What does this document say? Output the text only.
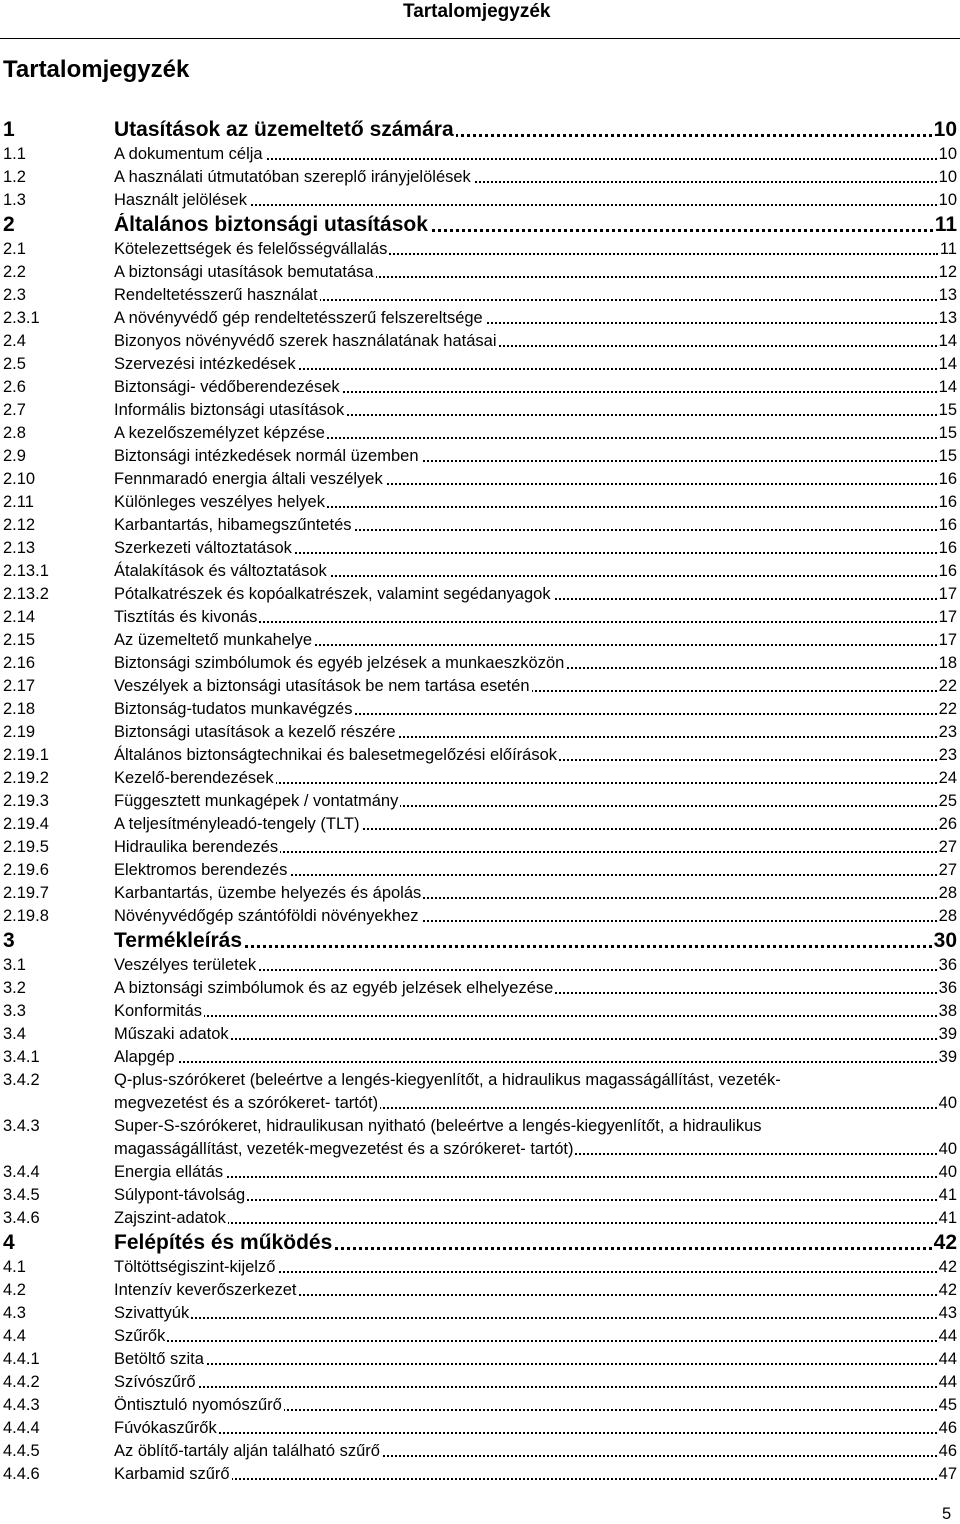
Tartalomjegyzék
Tartalomjegyzék
1	Utasítások az üzemeltető számára	10
1.1	A dokumentum célja	10
1.2	A használati útmutatóban szereplő irányjelölések	10
1.3	Használt jelölések	10
2	Általános biztonsági utasítások	11
2.1	Kötelezettségek és felelősségvállalás	11
2.2	A biztonsági utasítások bemutatása	12
2.3	Rendeltetésszerű használat	13
2.3.1	A növényvédő gép rendeltetésszerű felszereltsége	13
2.4	Bizonyos növényvédő szerek használatának hatásai	14
2.5	Szervezési intézkedések	14
2.6	Biztonsági- védőberendezések	14
2.7	Informális biztonsági utasítások	15
2.8	A kezelőszemélyzet képzése	15
2.9	Biztonsági intézkedések normál üzemben	15
2.10	Fennmaradó energia általi veszélyek	16
2.11	Különleges veszélyes helyek	16
2.12	Karbantartás, hibamegszűntetés	16
2.13	Szerkezeti változtatások	16
2.13.1	Átalakítások és változtatások	16
2.13.2	Pótalkatrészek és kopóalkatrészek, valamint segédanyagok	17
2.14	Tisztítás és kivonás	17
2.15	Az üzemeltető munkahelye	17
2.16	Biztonsági szimbólumok és egyéb jelzések a munkaeszközön	18
2.17	Veszélyek a biztonsági utasítások be nem tartása esetén	22
2.18	Biztonság-tudatos munkavégzés	22
2.19	Biztonsági utasítások a kezelő részére	23
2.19.1	Általános biztonságtechnikai és balesetmegelőzési előírások	23
2.19.2	Kezelő-berendezések	24
2.19.3	Függesztett munkagépek / vontatmány	25
2.19.4	A teljesítményleadó-tengely (TLT)	26
2.19.5	Hidraulika berendezés	27
2.19.6	Elektromos berendezés	27
2.19.7	Karbantartás, üzembe helyezés és ápolás	28
2.19.8	Növényvédőgép szántóföldi növényekhez	28
3	Termékleírás	30
3.1	Veszélyes területek	36
3.2	A biztonsági szimbólumok és az egyéb jelzések elhelyezése	36
3.3	Konformitás	38
3.4	Műszaki adatok	39
3.4.1	Alapgép	39
3.4.2	Q-plus-szórókeret (beleértve a lengés-kiegyenlítőt, a hidraulikus magasságállítást, vezeték-
megvezetést és a szórókeret- tartót)	40
3.4.3	Super-S-szórókeret, hidraulikusan nyitható (beleértve a lengés-kiegyenlítőt, a hidraulikus
magasságállítást, vezeték-megvezetést és a szórókeret- tartót)	40
3.4.4	Energia ellátás	40
3.4.5	Súlypont-távolság	41
3.4.6	Zajszint-adatok	41
4	Felépítés és működés	42
4.1	Töltöttségiszint-kijelző	42
4.2	Intenzív keverőszerkezet	42
4.3	Szivattyúk	43
4.4	Szűrők	44
4.4.1	Betöltő szita	44
4.4.2	Szívószűrő	44
4.4.3	Öntisztuló nyomószűrő	45
4.4.4	Fúvókaszűrők	46
4.4.5	Az öblítő-tartály alján található szűrő	46
4.4.6	Karbamid szűrő	47
5
